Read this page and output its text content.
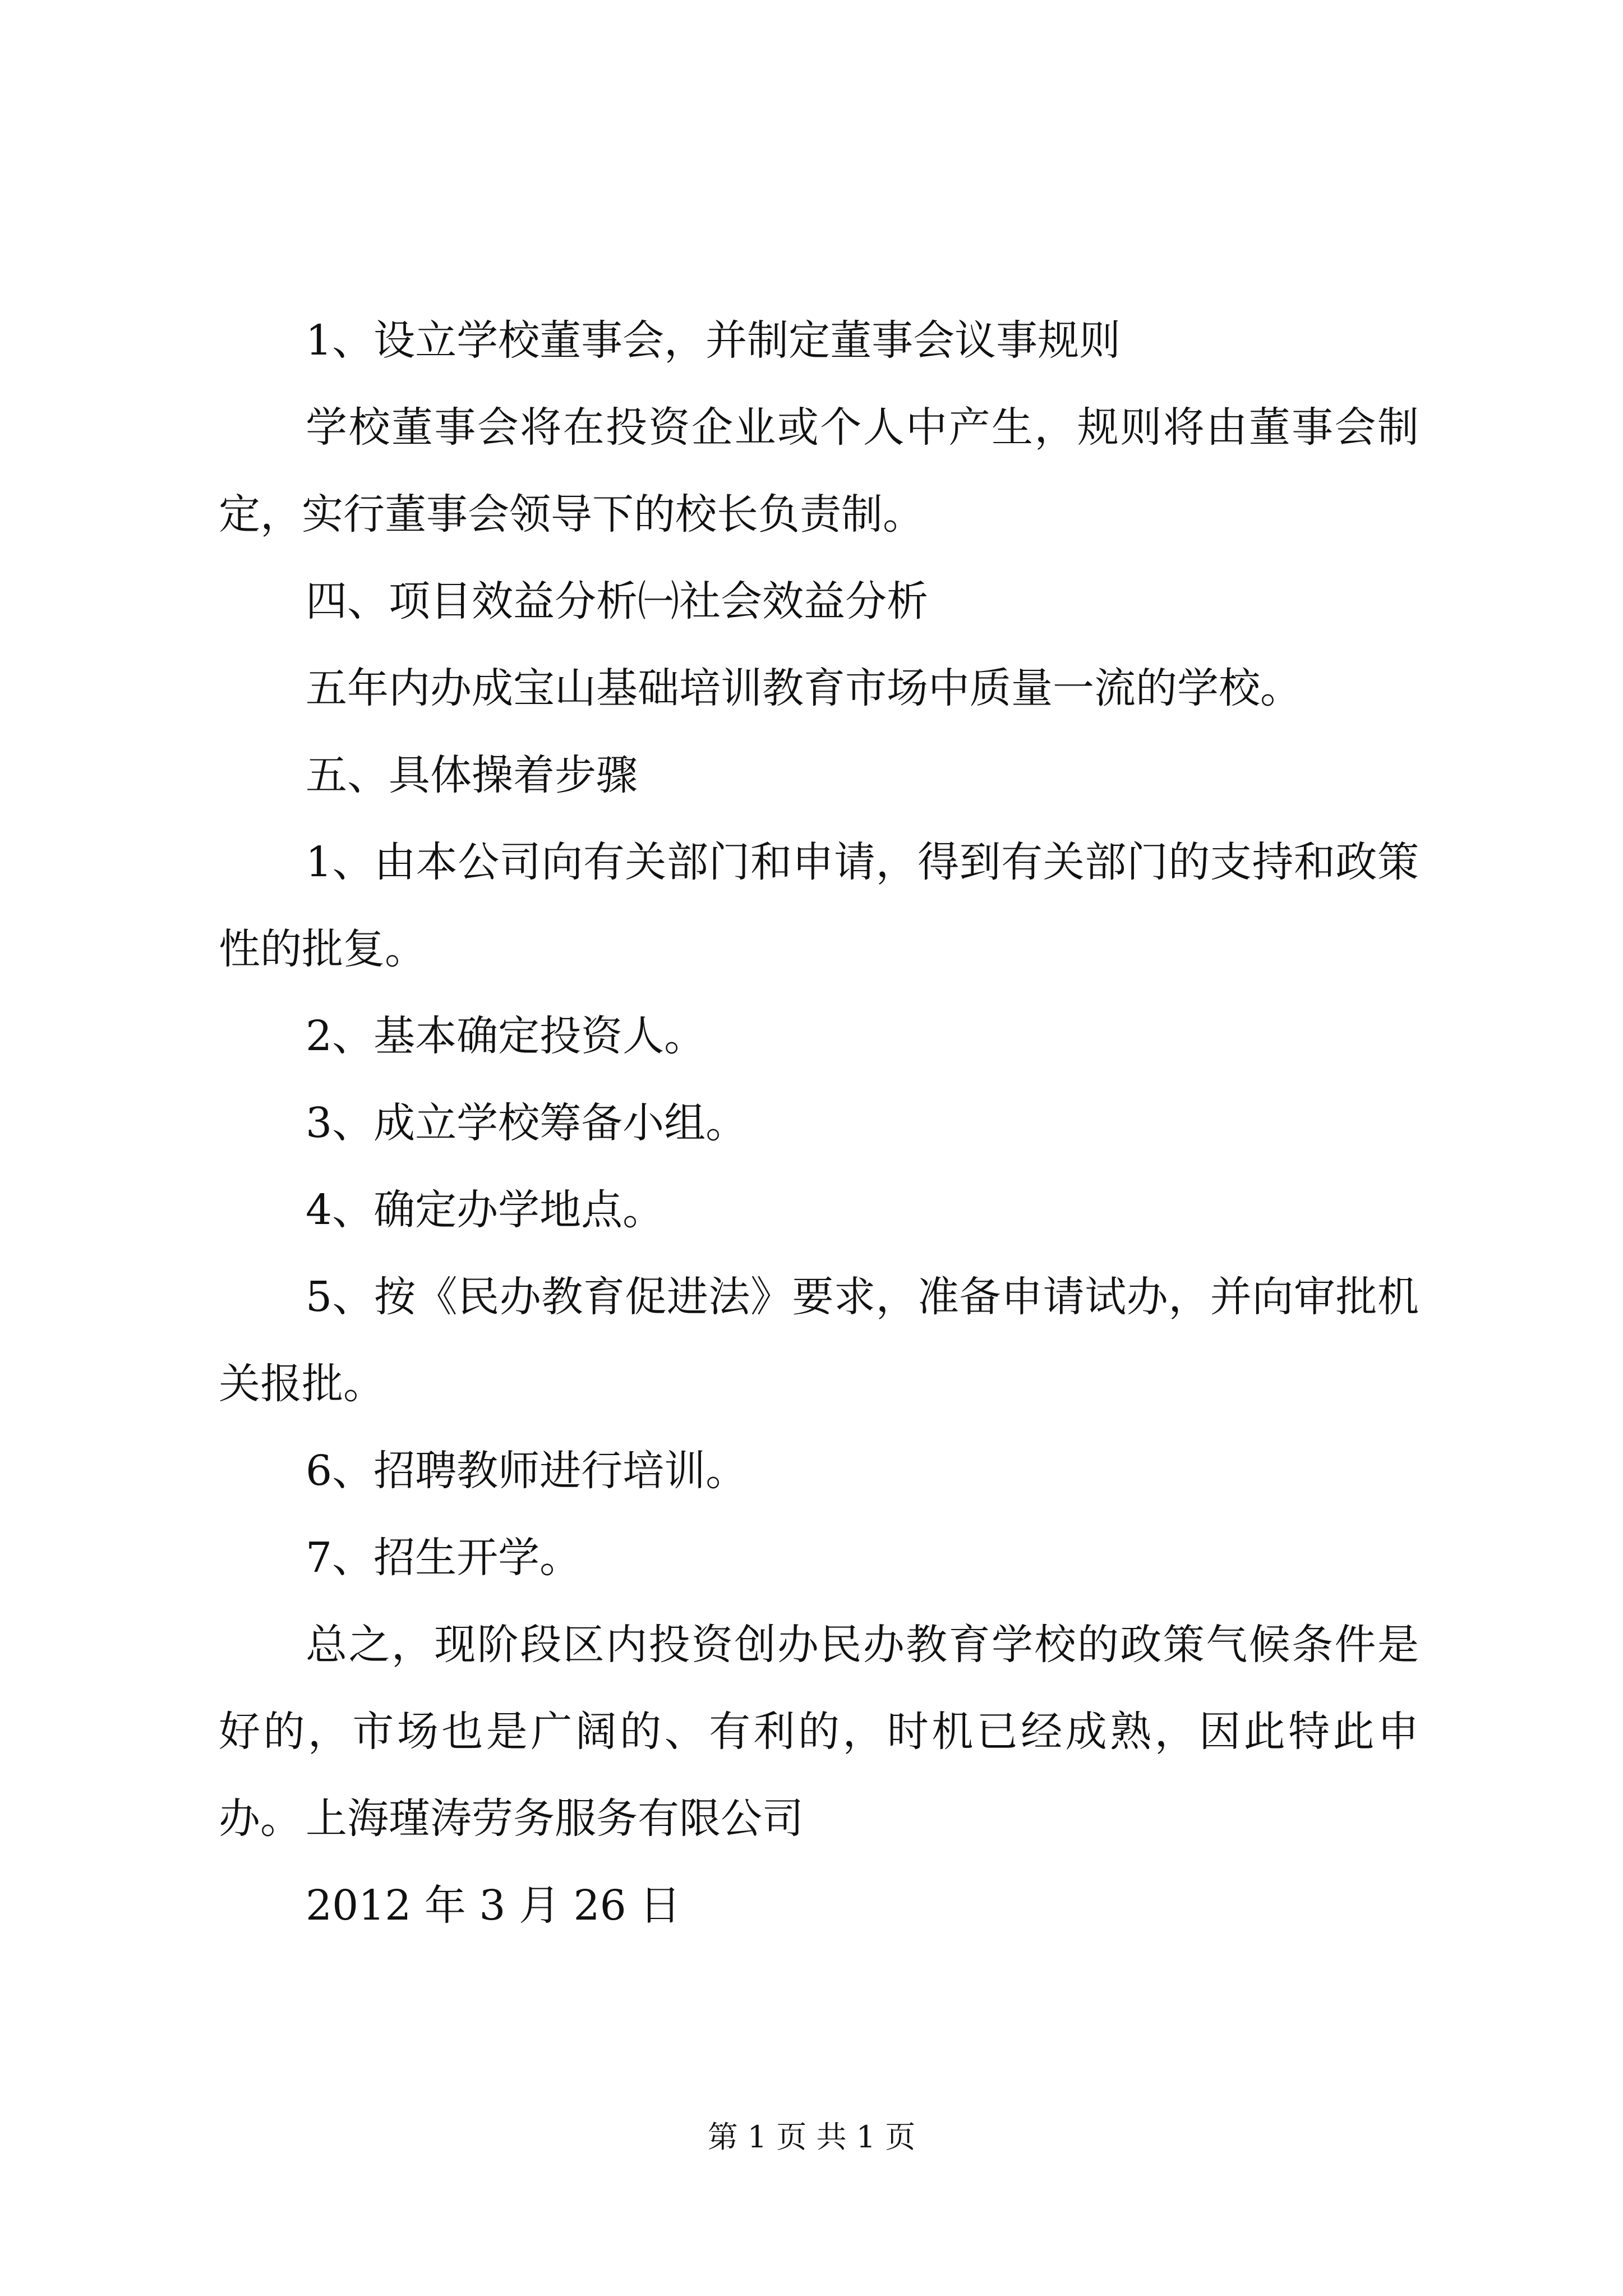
1、设立学校董事会，并制定董事会议事规则

学校董事会将在投资企业或个人中产生，规则将由董事会制定，实行董事会领导下的校长负责制。

四、项目效益分析㈠社会效益分析

五年内办成宝山基础培训教育市场中质量一流的学校。

五、具体操着步骤

1、由本公司向有关部门和申请，得到有关部门的支持和政策性的批复。

2、基本确定投资人。

3、成立学校筹备小组。

4、确定办学地点。

5、按《民办教育促进法》要求，准备申请试办，并向审批机关报批。

6、招聘教师进行培训。

7、招生开学。

总之，现阶段区内投资创办民办教育学校的政策气候条件是好的，市场也是广阔的、有利的，时机已经成熟，因此特此申办。 上海瑾涛劳务服务有限公司

2012 年 3 月 26 日

第 1 页 共 1 页
